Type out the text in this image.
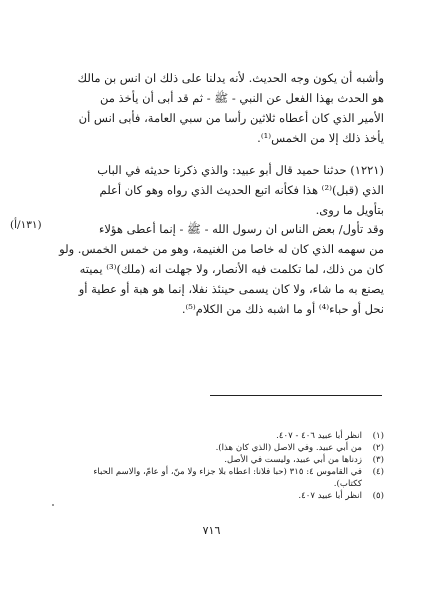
وأشبه أن يكون وجه الحديث. لأنه يدلنا على ذلك ان انس بن مالك
هو الحدث بهذا الفعل عن النبي - ﷺ - ثم قد أبى أن يأخذ من
الأمير الذي كان أعطاه ثلاثين رأسا من سبي العامة، فأبى انس أن
يأخذ ذلك إلا من الخمس⁽¹⁾.
(١٢٢١) حدثنا حميد قال أبو عبيد: والذي ذكرنا حديثه في الباب
الذي (قبل)⁽²⁾ هذا فكأنه اتبع الحديث الذي رواه وهو كان أعلم
بتأويل ما روى.
(١٣١/أ)	وقد تأول/ بعض الناس ان رسول الله - ﷺ - إنما أعطى هؤلاء
من سهمه الذي كان له خاصا من الغنيمة، وهو من خمس الخمس. ولو
كان من ذلك، لما تكلمت فيه الأنصار، ولا جهلت انه (ملك)⁽³⁾ يميته
يصنع به ما شاء، ولا كان يسمى حينئذ نفلا، إنما هو هبة أو عطية أو
نحل أو حباء⁽⁴⁾ أو ما اشبه ذلك من الكلام⁽⁵⁾.
(١)
انظر أبا عبيد ٤٠٦ - ٤٠٧.
(٢)
من أبي عبيد. وفي الاصل (الذي كان هذا).
(٣)
زدناها من أبي عبيد، وليست في الأصل.
(٤)
في القاموس ٤: ٣١٥ (حبا فلانا: اعطاه بلا جزاء ولا منّ، أو عامّ، والاسم الحباء
ككتاب).
(٥)
انظر أبا عبيد ٤٠٧.
٧١٦
